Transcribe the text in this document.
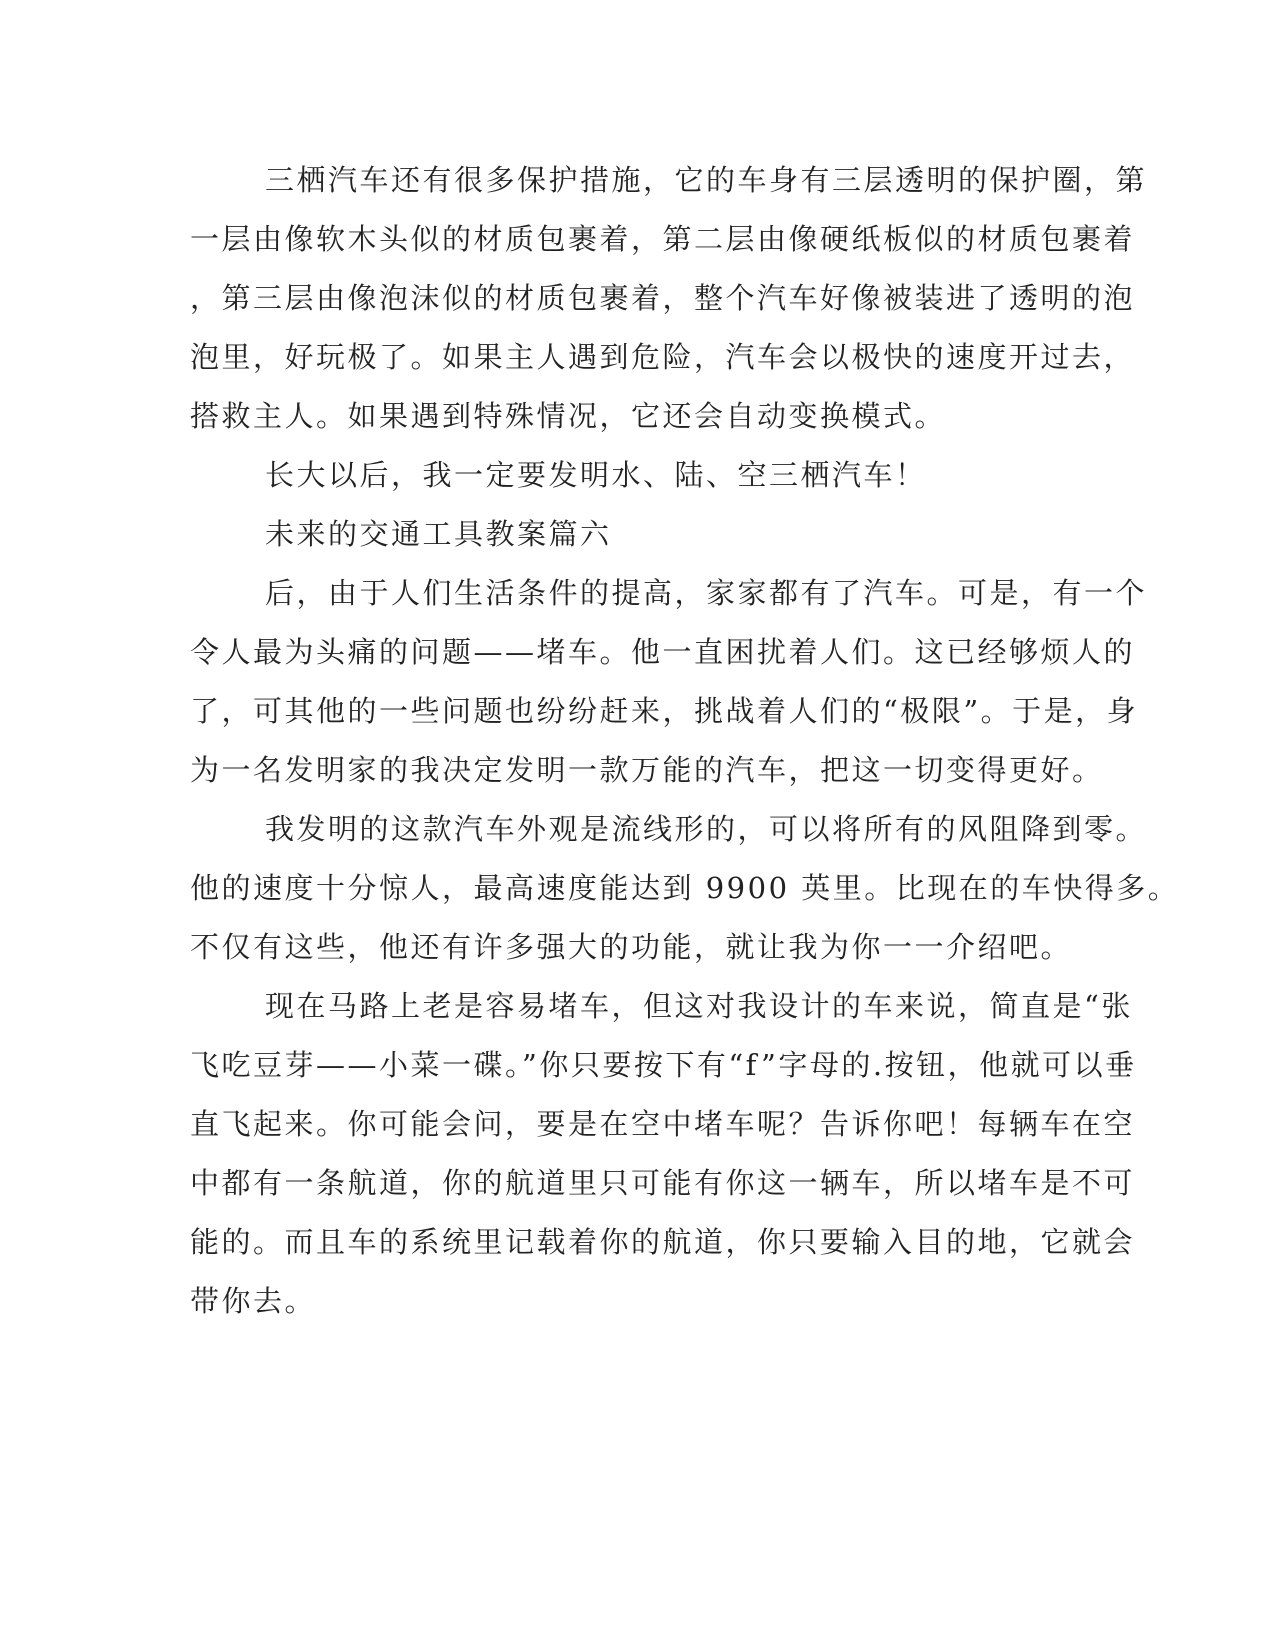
三栖汽车还有很多保护措施，它的车身有三层透明的保护圈，第
一层由像软木头似的材质包裹着，第二层由像硬纸板似的材质包裹着
，第三层由像泡沫似的材质包裹着，整个汽车好像被装进了透明的泡
泡里，好玩极了。如果主人遇到危险，汽车会以极快的速度开过去，
搭救主人。如果遇到特殊情况，它还会自动变换模式。
长大以后，我一定要发明水、陆、空三栖汽车！
未来的交通工具教案篇六
后，由于人们生活条件的提高，家家都有了汽车。可是，有一个
令人最为头痛的问题——堵车。他一直困扰着人们。这已经够烦人的
了，可其他的一些问题也纷纷赶来，挑战着人们的“极限”。于是，身
为一名发明家的我决定发明一款万能的汽车，把这一切变得更好。
我发明的这款汽车外观是流线形的，可以将所有的风阻降到零。
他的速度十分惊人，最高速度能达到 9900 英里。比现在的车快得多。
不仅有这些，他还有许多强大的功能，就让我为你一一介绍吧。
现在马路上老是容易堵车，但这对我设计的车来说，简直是“张
飞吃豆芽——小菜一碟。”你只要按下有“f”字母的.按钮，他就可以垂
直飞起来。你可能会问，要是在空中堵车呢？告诉你吧！每辆车在空
中都有一条航道，你的航道里只可能有你这一辆车，所以堵车是不可
能的。而且车的系统里记载着你的航道，你只要输入目的地，它就会
带你去。
